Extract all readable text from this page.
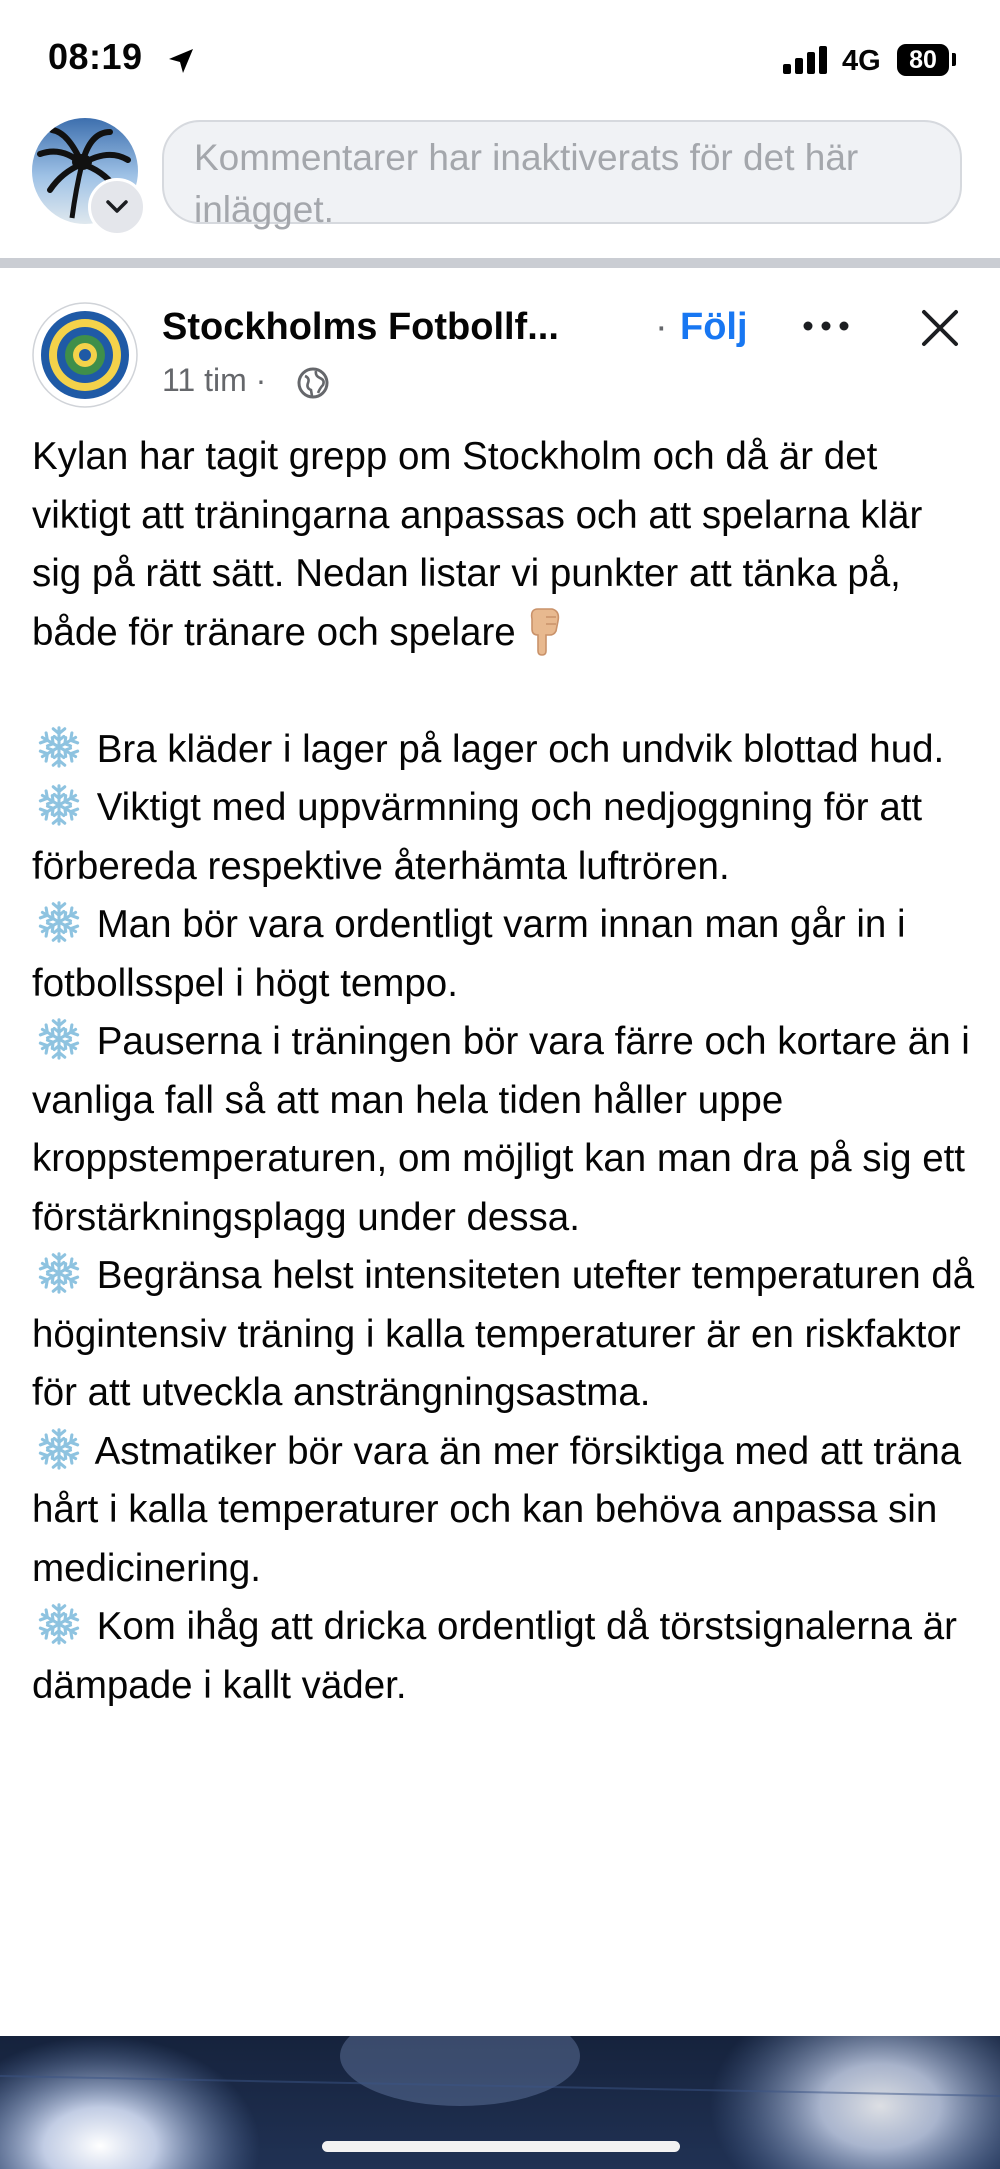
08:19	4G	80
Kommentarer har inaktiverats för det här inlägget.
Stockholms Fotbollf...	· Följ
11 tim ·

Kylan har tagit grepp om Stockholm och då är det viktigt att träningarna anpassas och att spelarna klär sig på rätt sätt. Nedan listar vi punkter att tänka på, både för tränare och spelare

Bra kläder i lager på lager och undvik blottad hud.

Viktigt med uppvärmning och nedjoggning för att förbereda respektive återhämta luftrören.

Man bör vara ordentligt varm innan man går in i fotbollsspel i högt tempo.

Pauserna i träningen bör vara färre och kortare än i vanliga fall så att man hela tiden håller uppe kroppstemperaturen, om möjligt kan man dra på sig ett förstärkningsplagg under dessa.

Begränsa helst intensiteten utefter temperaturen då högintensiv träning i kalla temperaturer är en riskfaktor för att utveckla ansträngningsastma.

Astmatiker bör vara än mer försiktiga med att träna hårt i kalla temperaturer och kan behöva anpassa sin medicinering.

Kom ihåg att dricka ordentligt då törstsignalerna är dämpade i kallt väder.
